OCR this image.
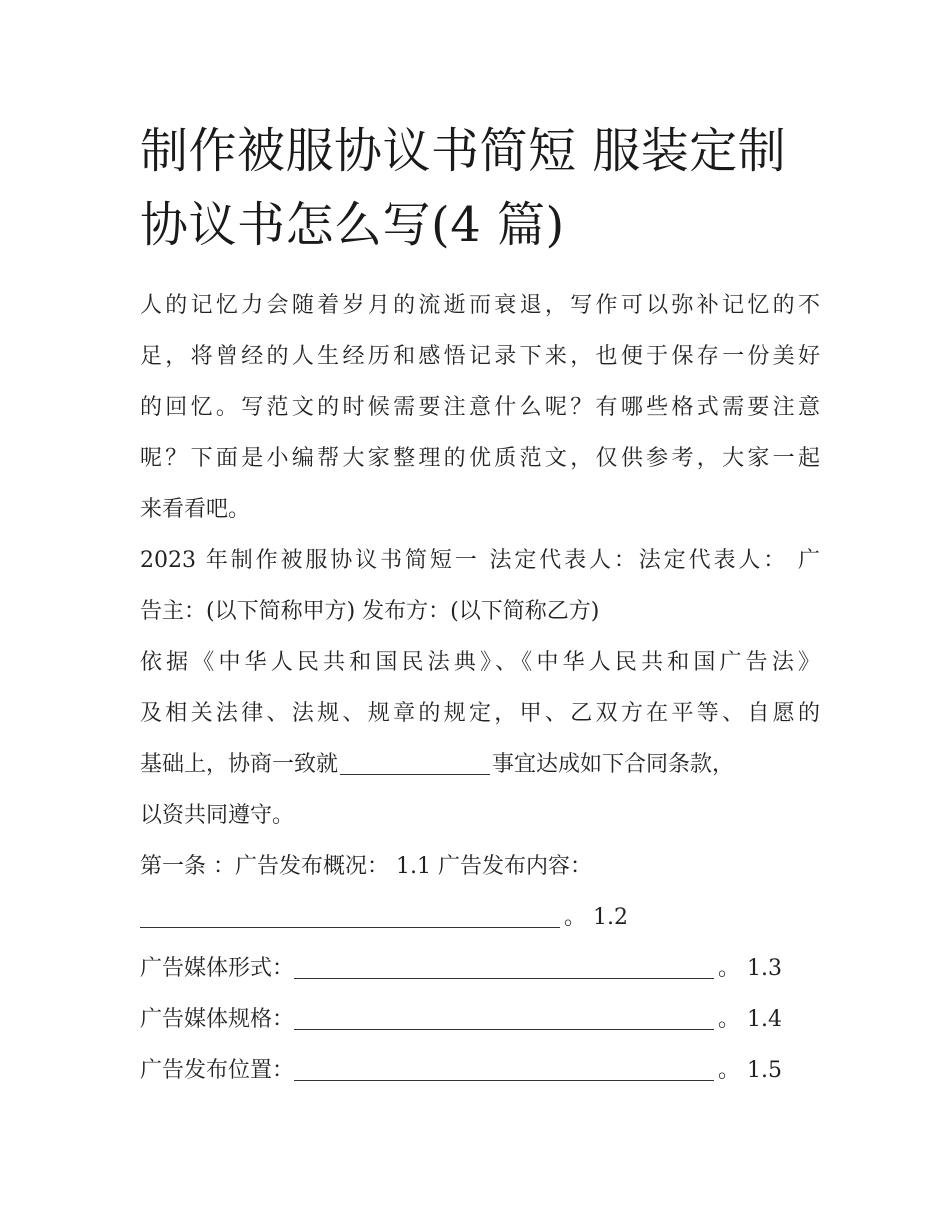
制作被服协议书简短 服装定制协议书怎么写(4 篇)

人的记忆力会随着岁月的流逝而衰退，写作可以弥补记忆的不

足，将曾经的人生经历和感悟记录下来，也便于保存一份美好

的回忆。写范文的时候需要注意什么呢？有哪些格式需要注意

呢？下面是小编帮大家整理的优质范文，仅供参考，大家一起

来看看吧。

2023 年制作被服协议书简短一 法定代表人：法定代表人： 广

告主：(以下简称甲方) 发布方：(以下简称乙方)

依据《中华人民共和国民法典》、《中华人民共和国广告法》

及相关法律、法规、规章的规定，甲、乙双方在平等、自愿的

基础上，协商一致就	事宜达成如下合同条款，

以资共同遵守。

第一条 ：广告发布概况： 1.1 广告发布内容：

。 1.2

广告媒体形式：	。 1.3

广告媒体规格：	。 1.4

广告发布位置：	。 1.5
